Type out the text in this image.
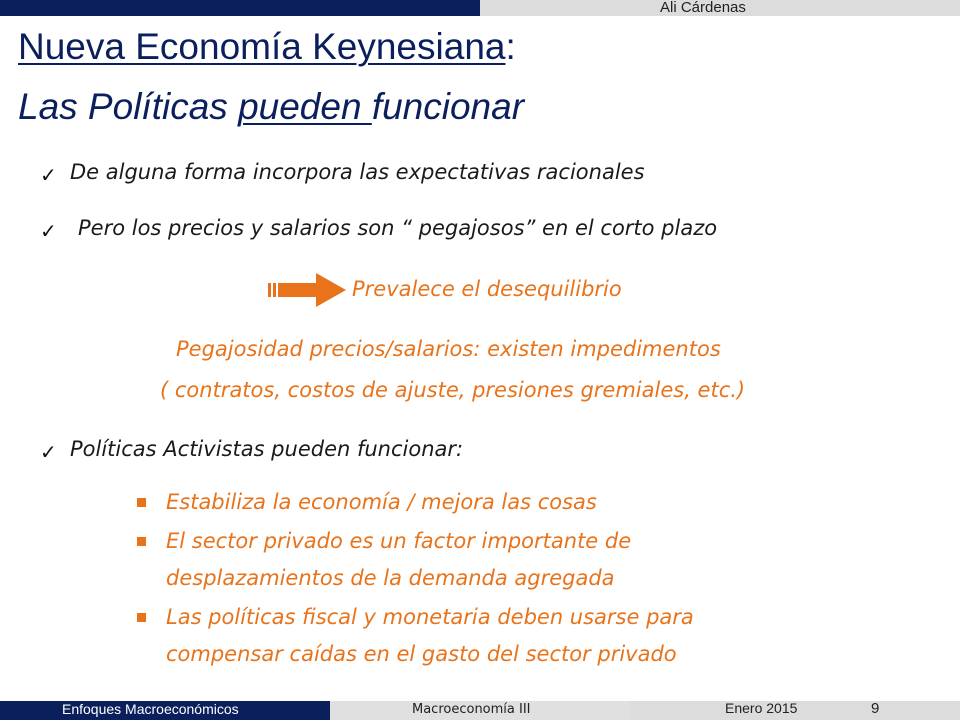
Ali Cárdenas
Nueva Economía Keynesiana:
Las Políticas pueden funcionar
✓ De alguna forma incorpora las expectativas racionales
✓ Pero los precios y salarios son “ pegajosos” en el corto plazo
Prevalece el desequilibrio
Pegajosidad precios/salarios: existen impedimentos
( contratos, costos de ajuste, presiones gremiales, etc.)
✓ Políticas Activistas pueden funcionar:
Estabiliza la economía / mejora las cosas
El sector privado es un factor importante de
desplazamientos de la demanda agregada
Las políticas fiscal y monetaria deben usarse para
compensar caídas en el gasto del sector privado
Enfoques Macroeconómicos	Macroeconomía III	Enero 2015	9
